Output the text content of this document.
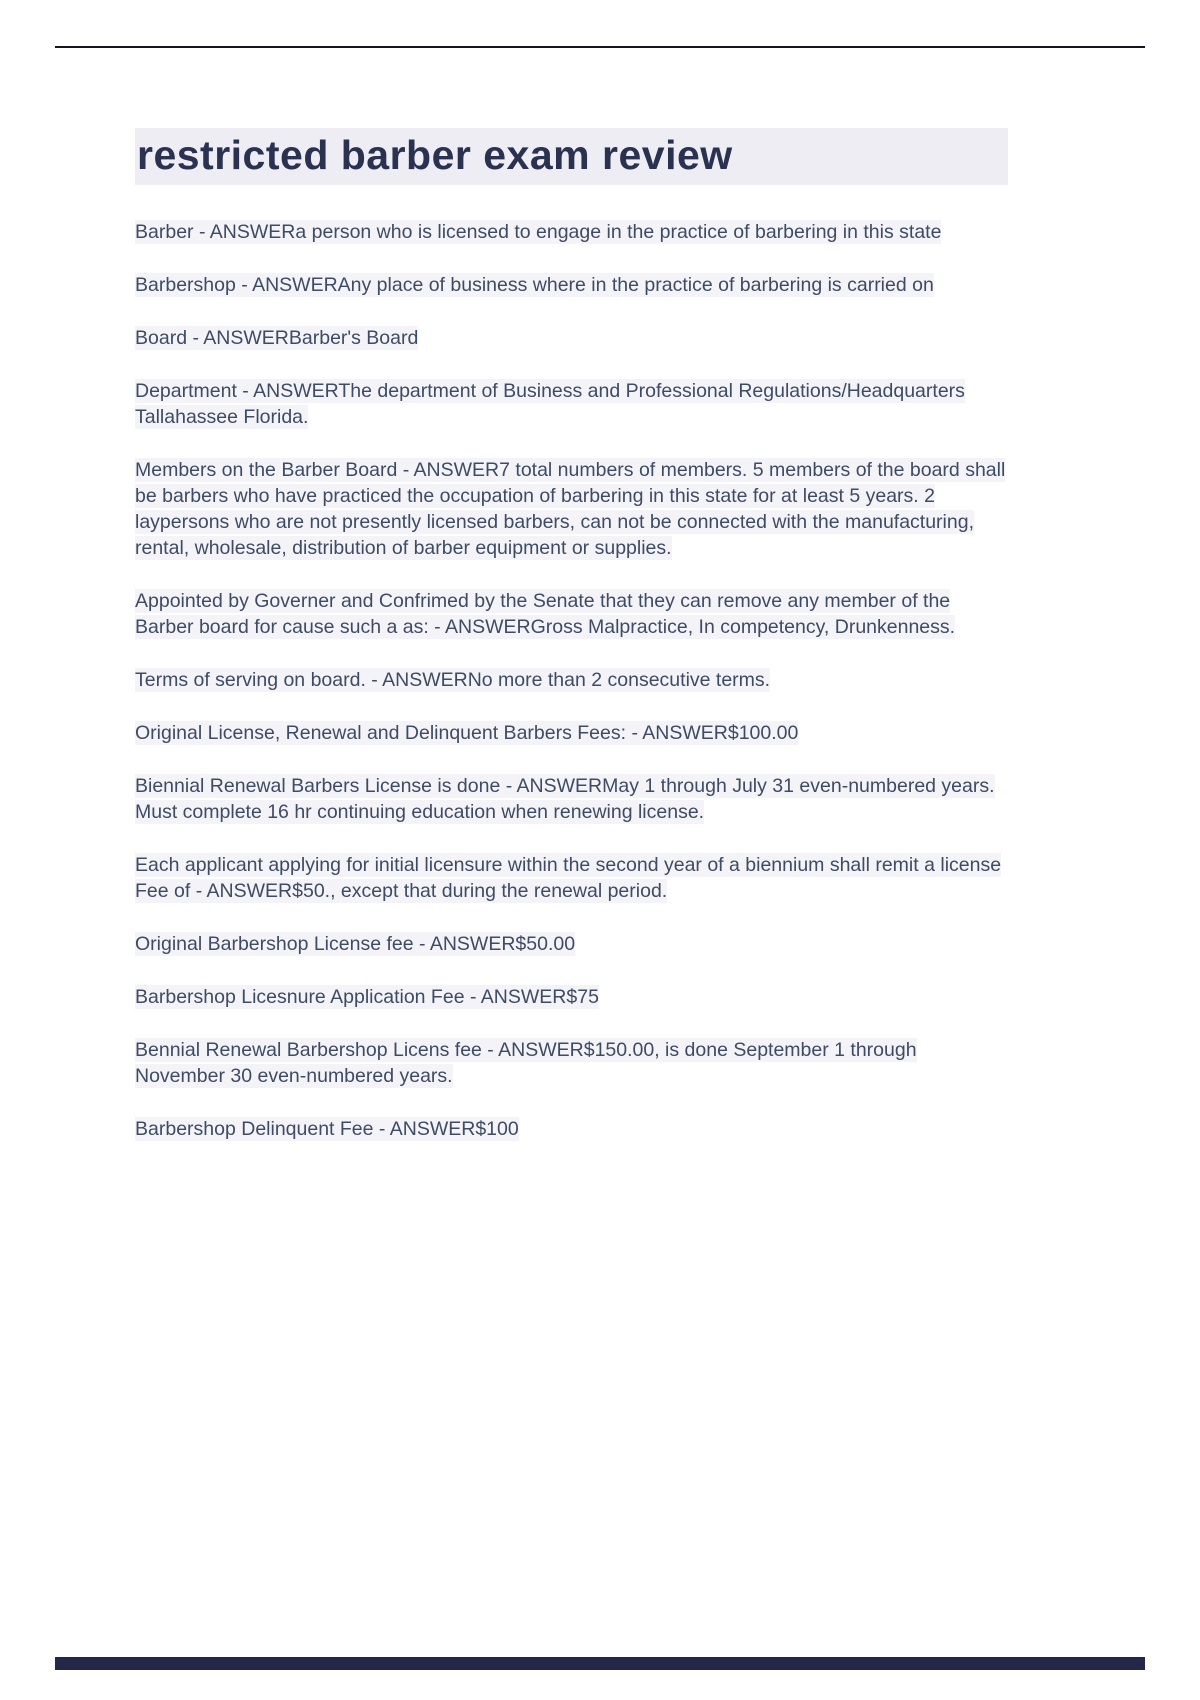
restricted barber exam review

Barber - ANSWERa person who is licensed to engage in the practice of barbering in this state

Barbershop - ANSWERAny place of business where in the practice of barbering is carried on

Board - ANSWERBarber's Board

Department - ANSWERThe department of Business and Professional Regulations/Headquarters Tallahassee Florida.

Members on the Barber Board - ANSWER7 total numbers of members. 5 members of the board shall be barbers who have practiced the occupation of barbering in this state for at least 5 years. 2 laypersons who are not presently licensed barbers, can not be connected with the manufacturing, rental, wholesale, distribution of barber equipment or supplies.

Appointed by Governer and Confrimed by the Senate that they can remove any member of the Barber board for cause such a as: - ANSWERGross Malpractice, In competency, Drunkenness.

Terms of serving on board. - ANSWERNo more than 2 consecutive terms.

Original License, Renewal and Delinquent Barbers Fees: - ANSWER$100.00

Biennial Renewal Barbers License is done - ANSWERMay 1 through July 31 even-numbered years. Must complete 16 hr continuing education when renewing license.

Each applicant applying for initial licensure within the second year of a biennium shall remit a license Fee of - ANSWER$50., except that during the renewal period.

Original Barbershop License fee - ANSWER$50.00

Barbershop Licesnure Application Fee - ANSWER$75

Bennial Renewal Barbershop Licens fee - ANSWER$150.00, is done September 1 through November 30 even-numbered years.

Barbershop Delinquent Fee - ANSWER$100
